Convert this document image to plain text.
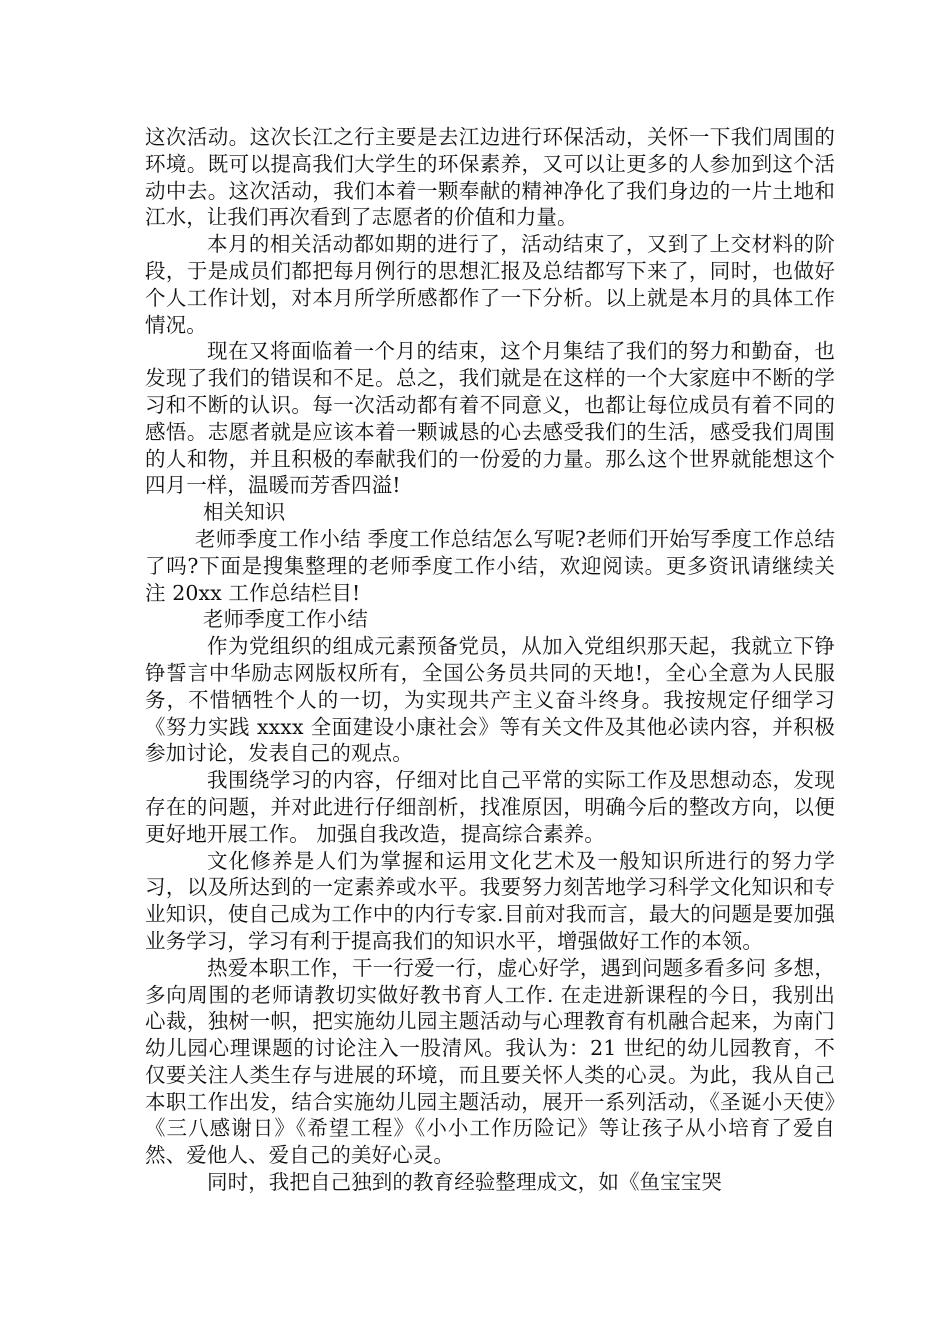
这次活动。这次长江之行主要是去江边进行环保活动，关怀一下我们周围的环境。既可以提高我们大学生的环保素养，又可以让更多的人参加到这个活动中去。这次活动，我们本着一颗奉献的精神净化了我们身边的一片土地和江水，让我们再次看到了志愿者的价值和力量。

本月的相关活动都如期的进行了，活动结束了，又到了上交材料的阶段，于是成员们都把每月例行的思想汇报及总结都写下来了，同时，也做好个人工作计划，对本月所学所感都作了一下分析。以上就是本月的具体工作情况。

现在又将面临着一个月的结束，这个月集结了我们的努力和勤奋，也发现了我们的错误和不足。总之，我们就是在这样的一个大家庭中不断的学习和不断的认识。每一次活动都有着不同意义，也都让每位成员有着不同的感悟。志愿者就是应该本着一颗诚恳的心去感受我们的生活，感受我们周围的人和物，并且积极的奉献我们的一份爱的力量。那么这个世界就能想这个四月一样，温暖而芳香四溢!

相关知识

老师季度工作小结 季度工作总结怎么写呢?老师们开始写季度工作总结了吗?下面是搜集整理的老师季度工作小结，欢迎阅读。更多资讯请继续关注 20xx 工作总结栏目!

老师季度工作小结

作为党组织的组成元素预备党员，从加入党组织那天起，我就立下铮铮誓言中华励志网版权所有，全国公务员共同的天地!，全心全意为人民服务，不惜牺牲个人的一切，为实现共产主义奋斗终身。我按规定仔细学习《努力实践 xxxx 全面建设小康社会》等有关文件及其他必读内容，并积极参加讨论，发表自己的观点。

我围绕学习的内容，仔细对比自己平常的实际工作及思想动态，发现存在的问题，并对此进行仔细剖析，找准原因，明确今后的整改方向，以便更好地开展工作。 加强自我改造，提高综合素养。

文化修养是人们为掌握和运用文化艺术及一般知识所进行的努力学习，以及所达到的一定素养或水平。我要努力刻苦地学习科学文化知识和专业知识，使自己成为工作中的内行专家.目前对我而言，最大的问题是要加强业务学习，学习有利于提高我们的知识水平，增强做好工作的本领。

热爱本职工作，干一行爱一行，虚心好学，遇到问题多看多问 多想，多向周围的老师请教切实做好教书育人工作. 在走进新课程的今日，我别出心裁，独树一帜，把实施幼儿园主题活动与心理教育有机融合起来，为南门幼儿园心理课题的讨论注入一股清风。我认为：21 世纪的幼儿园教育，不仅要关注人类生存与进展的环境，而且要关怀人类的心灵。为此，我从自己本职工作出发，结合实施幼儿园主题活动，展开一系列活动，《圣诞小天使》《三八感谢日》《希望工程》《小小工作历险记》等让孩子从小培育了爱自然、爱他人、爱自己的美好心灵。

同时，我把自己独到的教育经验整理成文，如《鱼宝宝哭
